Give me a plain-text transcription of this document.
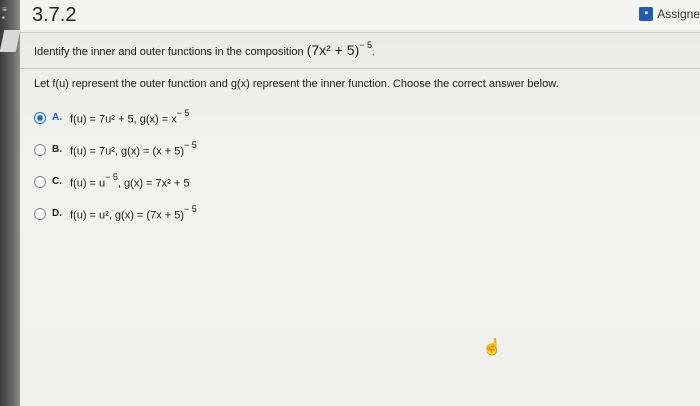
≡
▪	3.7.2	▪ Assigne
Identify the inner and outer functions in the composition $(7x^2 + 5)^{- 5}$.
Let f(u) represent the outer function and g(x) represent the inner function. Choose the correct answer below.
A. f(u) = 7u² + 5, $g(x) = x^{- 5}$
B. f(u) = 7u², $g(x) = (x + 5)^{- 5}$
C. $f(u) = u^{- 5}$, g(x) = 7x² + 5
D. f(u) = u², $g(x) = (7x + 5)^{- 5}$
☝
